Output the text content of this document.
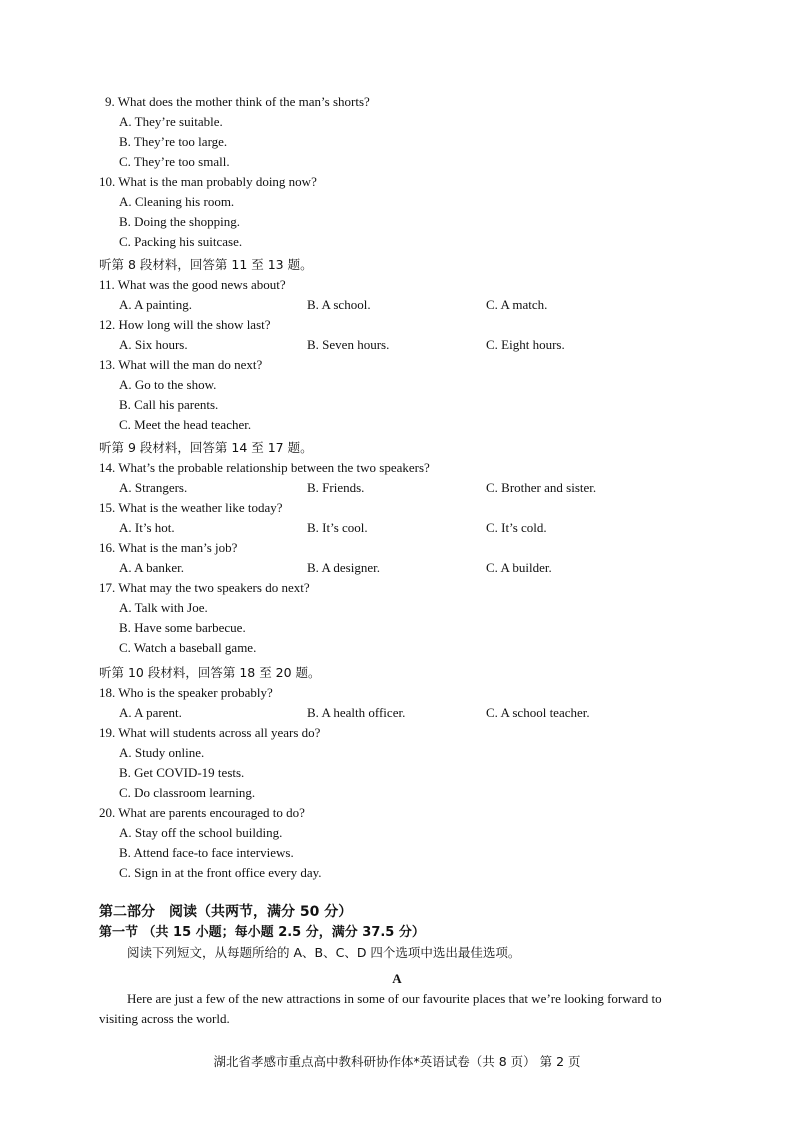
9. What does the mother think of the man’s shorts?
A. They’re suitable.
B. They’re too large.
C. They’re too small.
10. What is the man probably doing now?
A. Cleaning his room.
B. Doing the shopping.
C. Packing his suitcase.
听第 8 段材料，回答第 11 至 13 题。
11. What was the good news about?
A. A painting.	B. A school.	C. A match.
12. How long will the show last?
A. Six hours.	B. Seven hours.	C. Eight hours.
13. What will the man do next?
A. Go to the show.
B. Call his parents.
C. Meet the head teacher.
听第 9 段材料，回答第 14 至 17 题。
14. What’s the probable relationship between the two speakers?
A. Strangers.	B. Friends.	C. Brother and sister.
15. What is the weather like today?
A. It’s hot.	B. It’s cool.	C. It’s cold.
16. What is the man’s job?
A. A banker.	B. A designer.	C. A builder.
17. What may the two speakers do next?
A. Talk with Joe.
B. Have some barbecue.
C. Watch a baseball game.
听第 10 段材料，回答第 18 至 20 题。
18. Who is the speaker probably?
A. A parent.	B. A health officer.	C. A school teacher.
19. What will students across all years do?
A. Study online.
B. Get COVID-19 tests.
C. Do classroom learning.
20. What are parents encouraged to do?
A. Stay off the school building.
B. Attend face-to face interviews.
C. Sign in at the front office every day.
第二部分　阅读（共两节，满分 50 分）
第一节 （共 15 小题；每小题 2.5 分，满分 37.5 分）
阅读下列短文，从每题所给的 A、B、C、D 四个选项中选出最佳选项。
A
Here are just a few of the new attractions in some of our favourite places that we’re looking forward to visiting across the world.
湖北省孝感市重点高中教科研协作体*英语试卷（共 8 页） 第 2 页
